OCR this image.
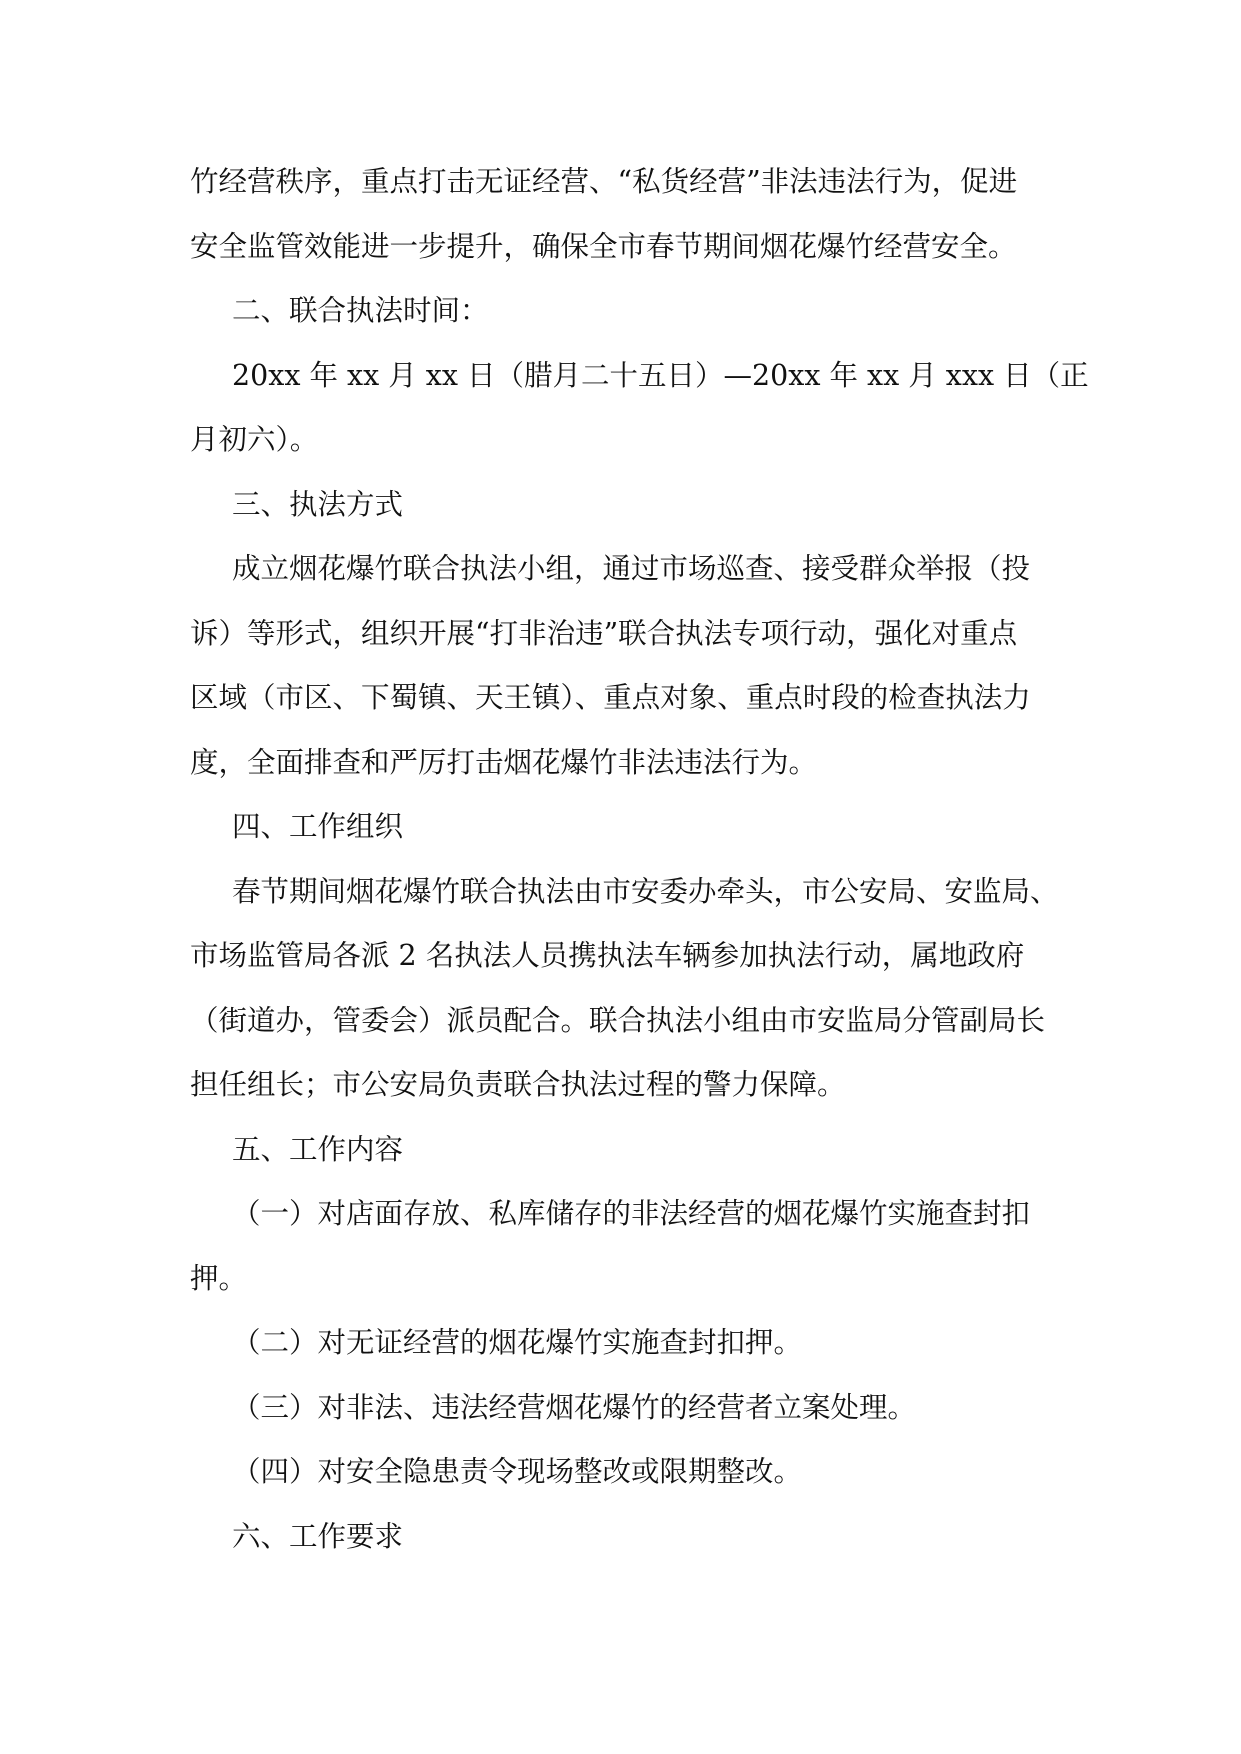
竹经营秩序，重点打击无证经营、“私货经营”非法违法行为，促进
安全监管效能进一步提升，确保全市春节期间烟花爆竹经营安全。
二、联合执法时间：
20xx 年 xx 月 xx 日（腊月二十五日）—20xx 年 xx 月 xxx 日（正
月初六）。
三、执法方式
成立烟花爆竹联合执法小组，通过市场巡查、接受群众举报（投
诉）等形式，组织开展“打非治违”联合执法专项行动，强化对重点
区域（市区、下蜀镇、天王镇）、重点对象、重点时段的检查执法力
度，全面排查和严厉打击烟花爆竹非法违法行为。
四、工作组织
春节期间烟花爆竹联合执法由市安委办牵头，市公安局、安监局、
市场监管局各派 2 名执法人员携执法车辆参加执法行动，属地政府
（街道办，管委会）派员配合。联合执法小组由市安监局分管副局长
担任组长；市公安局负责联合执法过程的警力保障。
五、工作内容
（一）对店面存放、私库储存的非法经营的烟花爆竹实施查封扣
押。
（二）对无证经营的烟花爆竹实施查封扣押。
（三）对非法、违法经营烟花爆竹的经营者立案处理。
（四）对安全隐患责令现场整改或限期整改。
六、工作要求
